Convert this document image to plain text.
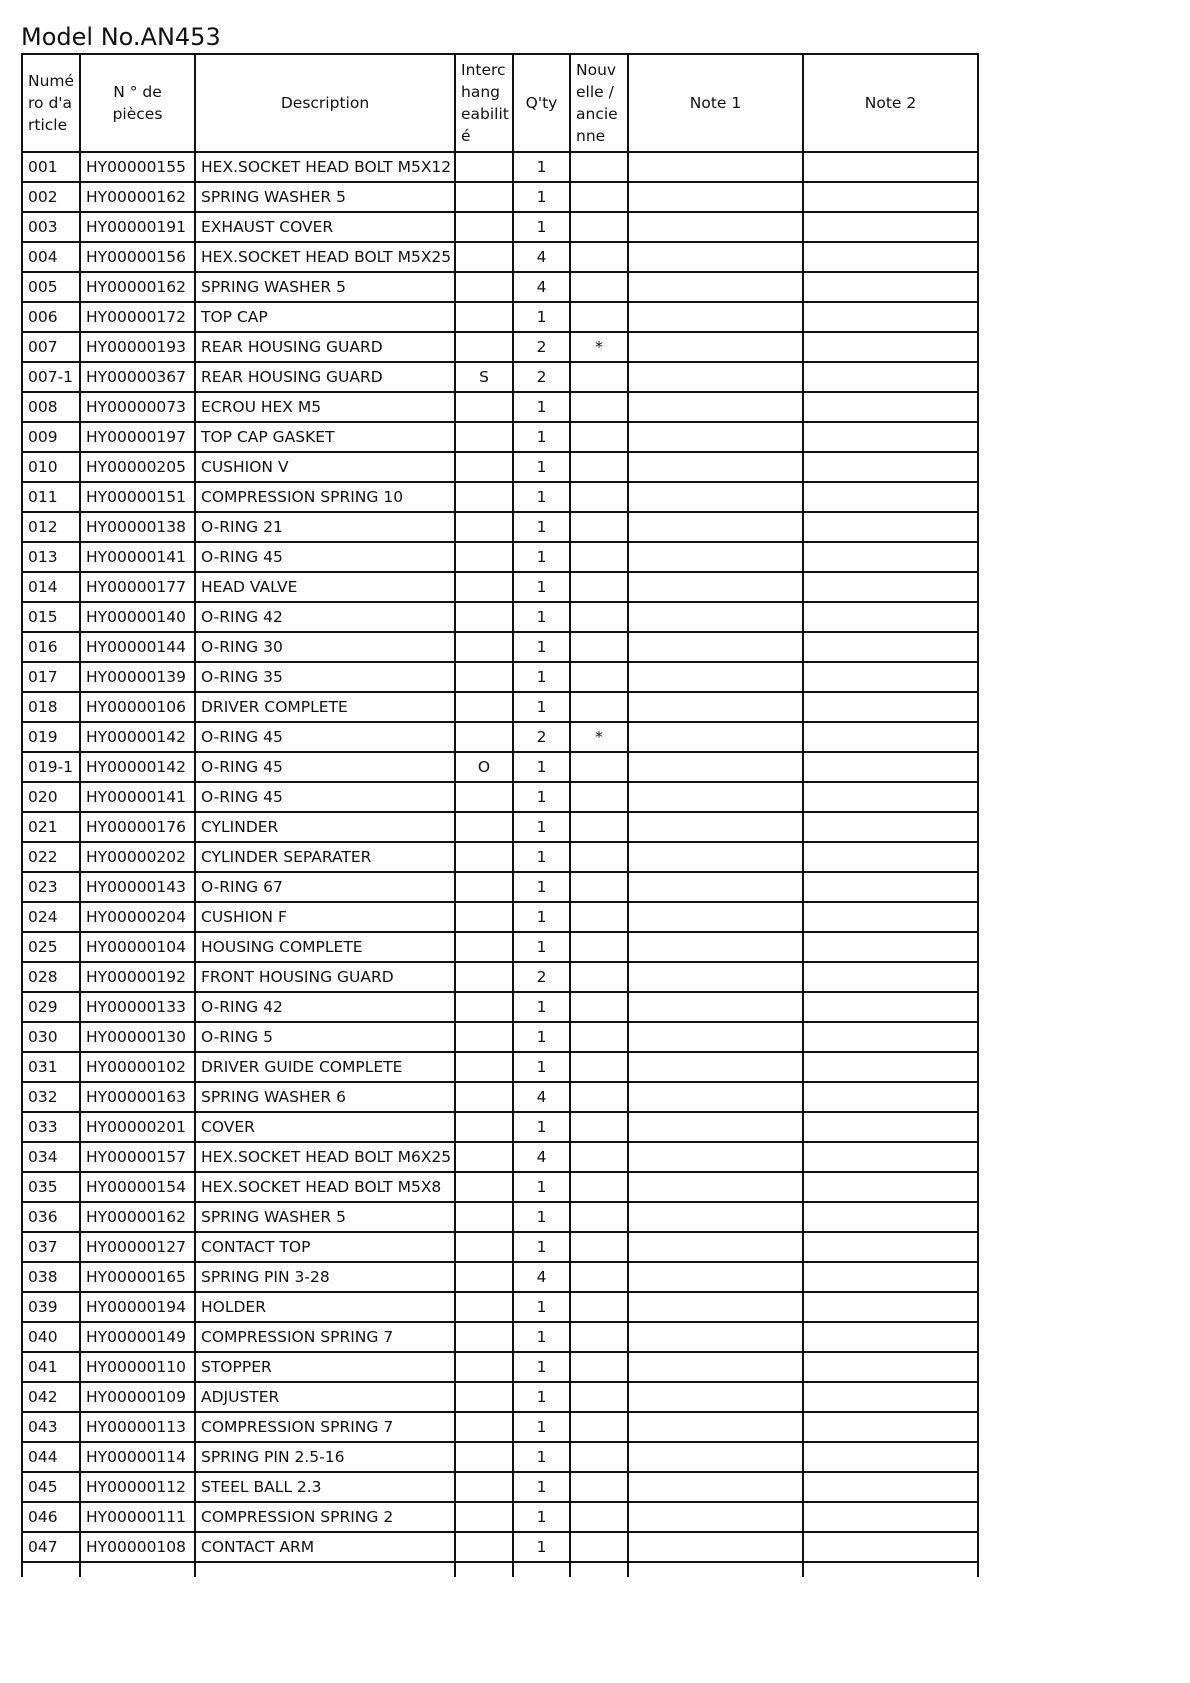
Model No.AN453
Numéro d'article	N ° de pièces	Description	Interchangeabilité	Q'ty	Nouvelle / ancienne	Note 1	Note 2
001	HY00000155	HEX.SOCKET HEAD BOLT M5X12		1			
002	HY00000162	SPRING WASHER 5		1			
003	HY00000191	EXHAUST COVER		1			
004	HY00000156	HEX.SOCKET HEAD BOLT M5X25		4			
005	HY00000162	SPRING WASHER 5		4			
006	HY00000172	TOP CAP		1			
007	HY00000193	REAR HOUSING GUARD		2	*		
007-1	HY00000367	REAR HOUSING GUARD	S	2			
008	HY00000073	ECROU HEX M5		1			
009	HY00000197	TOP CAP GASKET		1			
010	HY00000205	CUSHION V		1			
011	HY00000151	COMPRESSION SPRING 10		1			
012	HY00000138	O-RING 21		1			
013	HY00000141	O-RING 45		1			
014	HY00000177	HEAD VALVE		1			
015	HY00000140	O-RING 42		1			
016	HY00000144	O-RING 30		1			
017	HY00000139	O-RING 35		1			
018	HY00000106	DRIVER COMPLETE		1			
019	HY00000142	O-RING 45		2	*		
019-1	HY00000142	O-RING 45	O	1			
020	HY00000141	O-RING 45		1			
021	HY00000176	CYLINDER		1			
022	HY00000202	CYLINDER SEPARATER		1			
023	HY00000143	O-RING 67		1			
024	HY00000204	CUSHION F		1			
025	HY00000104	HOUSING COMPLETE		1			
028	HY00000192	FRONT HOUSING GUARD		2			
029	HY00000133	O-RING 42		1			
030	HY00000130	O-RING 5		1			
031	HY00000102	DRIVER GUIDE COMPLETE		1			
032	HY00000163	SPRING WASHER 6		4			
033	HY00000201	COVER		1			
034	HY00000157	HEX.SOCKET HEAD BOLT M6X25		4			
035	HY00000154	HEX.SOCKET HEAD BOLT M5X8		1			
036	HY00000162	SPRING WASHER 5		1			
037	HY00000127	CONTACT TOP		1			
038	HY00000165	SPRING PIN 3-28		4			
039	HY00000194	HOLDER		1			
040	HY00000149	COMPRESSION SPRING 7		1			
041	HY00000110	STOPPER		1			
042	HY00000109	ADJUSTER		1			
043	HY00000113	COMPRESSION SPRING 7		1			
044	HY00000114	SPRING PIN 2.5-16		1			
045	HY00000112	STEEL BALL 2.3		1			
046	HY00000111	COMPRESSION SPRING 2		1			
047	HY00000108	CONTACT ARM		1			
